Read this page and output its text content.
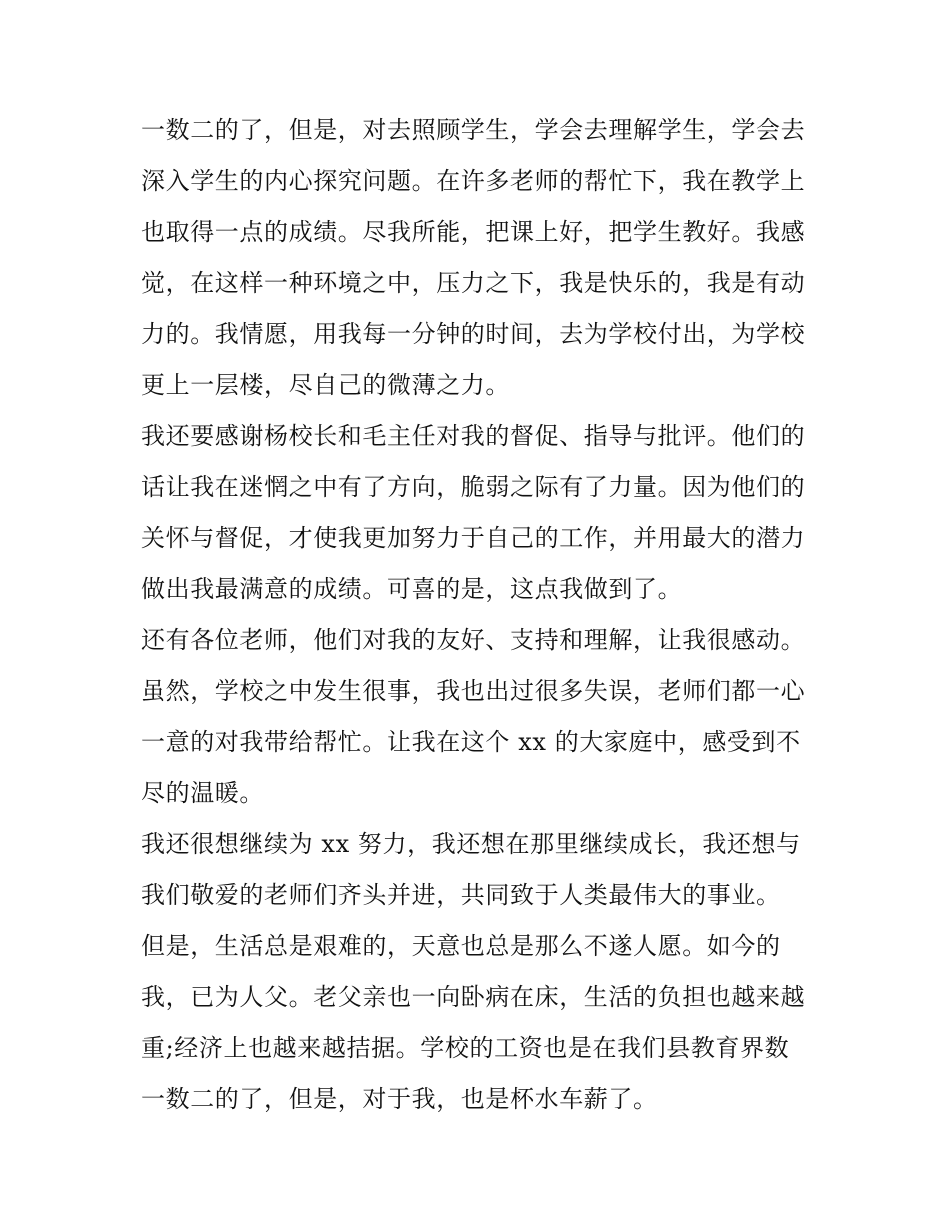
一数二的了，但是，对去照顾学生，学会去理解学生，学会去
深入学生的内心探究问题。在许多老师的帮忙下，我在教学上
也取得一点的成绩。尽我所能，把课上好，把学生教好。我感
觉，在这样一种环境之中，压力之下，我是快乐的，我是有动
力的。我情愿，用我每一分钟的时间，去为学校付出，为学校
更上一层楼，尽自己的微薄之力。
我还要感谢杨校长和毛主任对我的督促、指导与批评。他们的
话让我在迷惘之中有了方向，脆弱之际有了力量。因为他们的
关怀与督促，才使我更加努力于自己的工作，并用最大的潜力
做出我最满意的成绩。可喜的是，这点我做到了。
还有各位老师，他们对我的友好、支持和理解，让我很感动。
虽然，学校之中发生很事，我也出过很多失误，老师们都一心
一意的对我带给帮忙。让我在这个 xx 的大家庭中，感受到不
尽的温暖。
我还很想继续为 xx 努力，我还想在那里继续成长，我还想与
我们敬爱的老师们齐头并进，共同致于人类最伟大的事业。
但是，生活总是艰难的，天意也总是那么不遂人愿。如今的
我，已为人父。老父亲也一向卧病在床，生活的负担也越来越
重;经济上也越来越拮据。学校的工资也是在我们县教育界数
一数二的了，但是，对于我，也是杯水车薪了。
